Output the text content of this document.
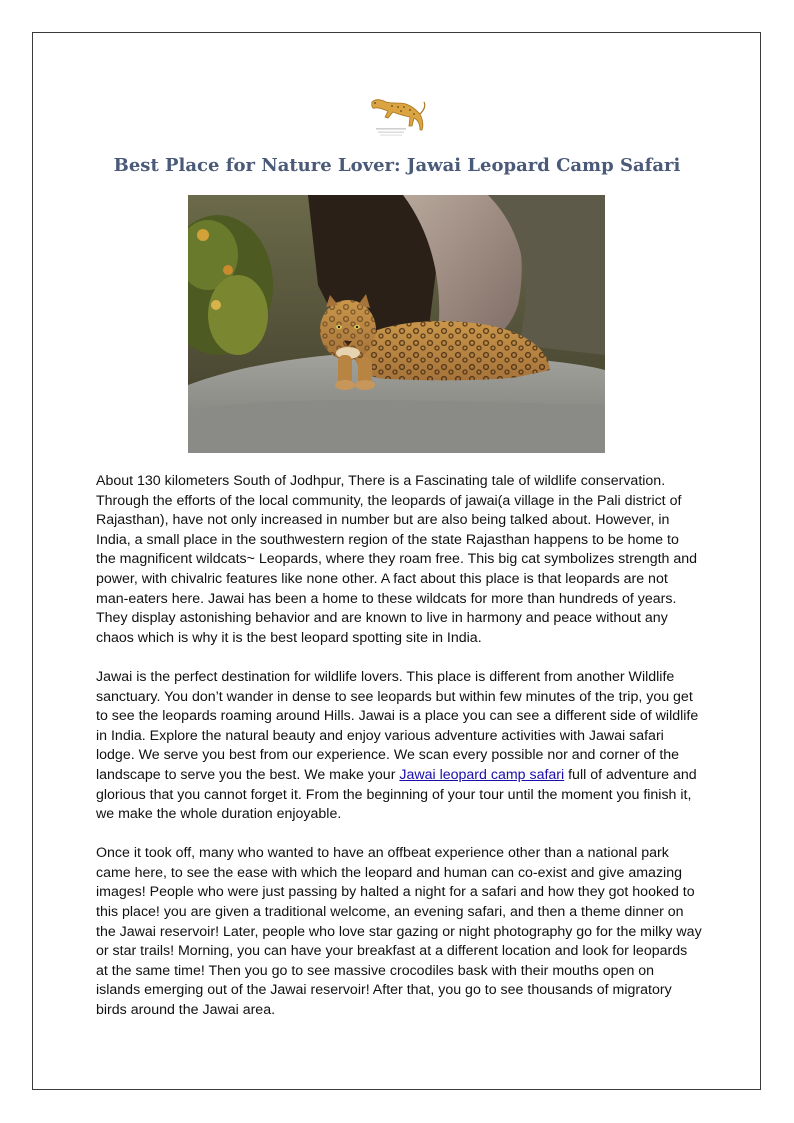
Best Place for Nature Lover: Jawai Leopard Camp Safari

About 130 kilometers South of Jodhpur, There is a Fascinating tale of wildlife conservation. Through the efforts of the local community, the leopards of jawai(a village in the Pali district of Rajasthan), have not only increased in number but are also being talked about. However, in India, a small place in the southwestern region of the state Rajasthan happens to be home to the magnificent wildcats~ Leopards, where they roam free. This big cat symbolizes strength and power, with chivalric features like none other. A fact about this place is that leopards are not man-eaters here. Jawai has been a home to these wildcats for more than hundreds of years. They display astonishing behavior and are known to live in harmony and peace without any chaos which is why it is the best leopard spotting site in India.

Jawai is the perfect destination for wildlife lovers. This place is different from another Wildlife sanctuary. You don’t wander in dense to see leopards but within few minutes of the trip, you get to see the leopards roaming around Hills. Jawai is a place you can see a different side of wildlife in India. Explore the natural beauty and enjoy various adventure activities with Jawai safari lodge. We serve you best from our experience. We scan every possible nor and corner of the landscape to serve you the best. We make your Jawai leopard camp safari full of adventure and glorious that you cannot forget it. From the beginning of your tour until the moment you finish it, we make the whole duration enjoyable.

Once it took off, many who wanted to have an offbeat experience other than a national park came here, to see the ease with which the leopard and human can co-exist and give amazing images! People who were just passing by halted a night for a safari and how they got hooked to this place! you are given a traditional welcome, an evening safari, and then a theme dinner on the Jawai reservoir! Later, people who love star gazing or night photography go for the milky way or star trails! Morning, you can have your breakfast at a different location and look for leopards at the same time! Then you go to see massive crocodiles bask with their mouths open on islands emerging out of the Jawai reservoir! After that, you go to see thousands of migratory birds around the Jawai area.
